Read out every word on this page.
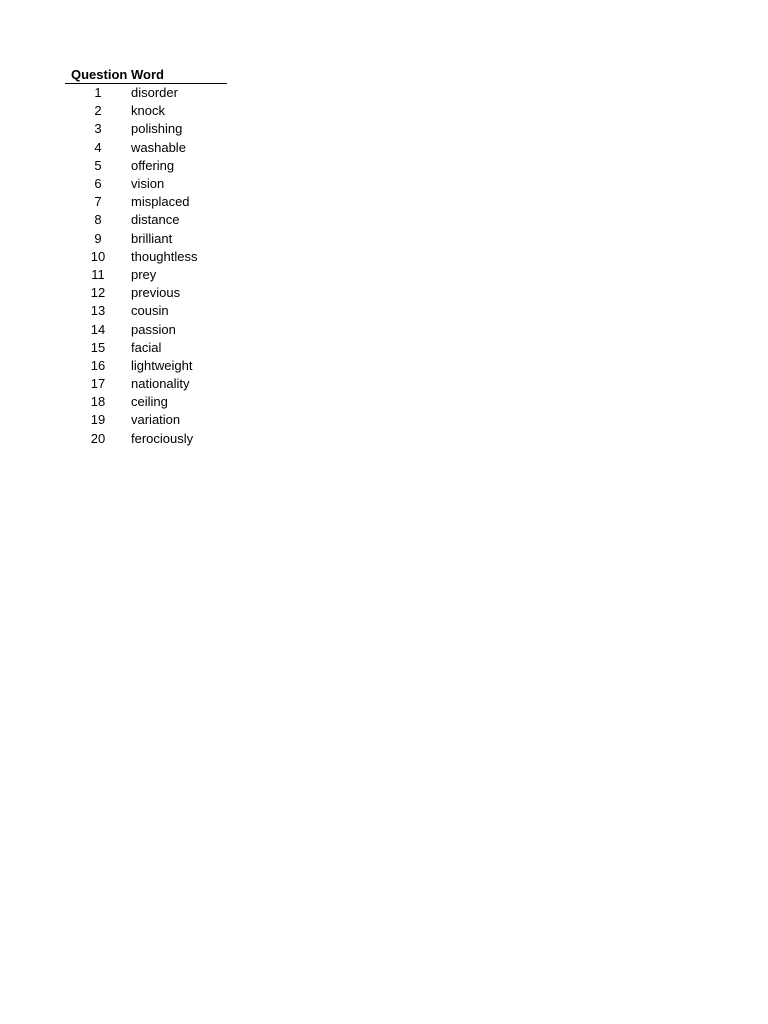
Question	Word
1	disorder
2	knock
3	polishing
4	washable
5	offering
6	vision
7	misplaced
8	distance
9	brilliant
10	thoughtless
11	prey
12	previous
13	cousin
14	passion
15	facial
16	lightweight
17	nationality
18	ceiling
19	variation
20	ferociously
